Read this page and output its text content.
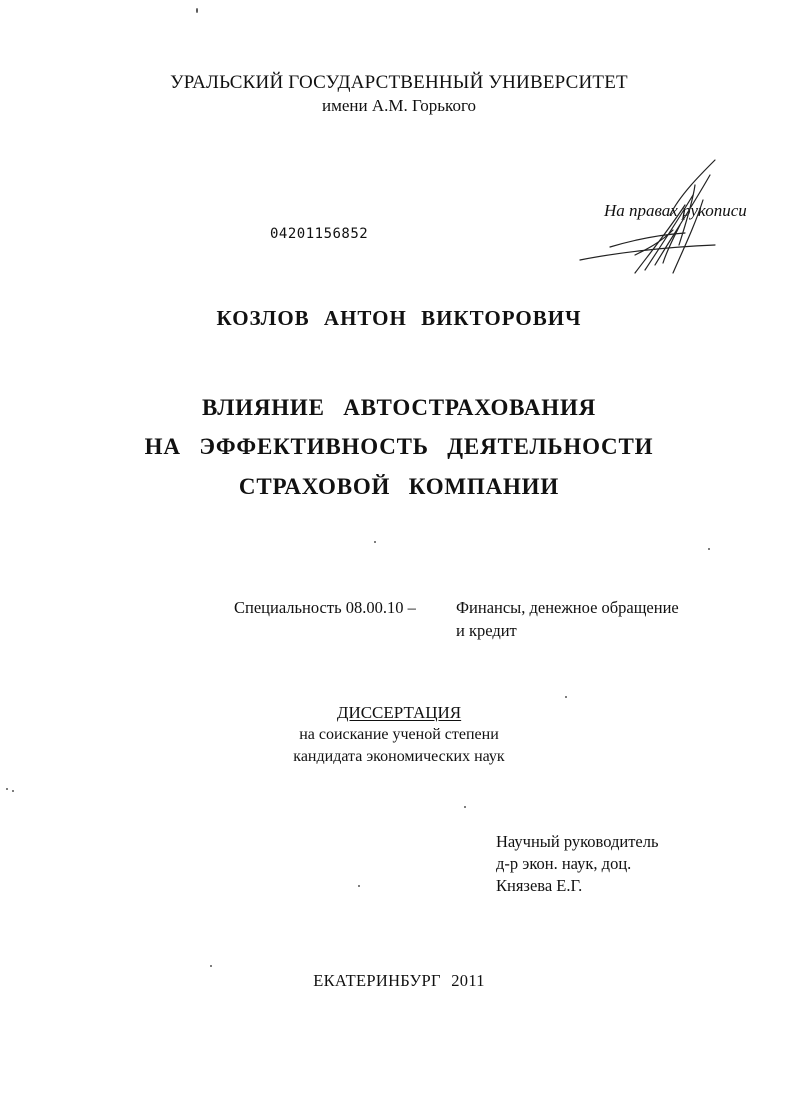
УРАЛЬСКИЙ ГОСУДАРСТВЕННЫЙ УНИВЕРСИТЕТ
имени А.М. Горького
На правах рукописи
04201156852
КОЗЛОВ АНТОН ВИКТОРОВИЧ
ВЛИЯНИЕ АВТОСТРАХОВАНИЯ
НА ЭФФЕКТИВНОСТЬ ДЕЯТЕЛЬНОСТИ
СТРАХОВОЙ КОМПАНИИ
Специальность 08.00.10 – Финансы, денежное обращение
и кредит
ДИССЕРТАЦИЯ
на соискание ученой степени
кандидата экономических наук
Научный руководитель
д-р экон. наук, доц.
Князева Е.Г.
ЕКАТЕРИНБУРГ 2011
